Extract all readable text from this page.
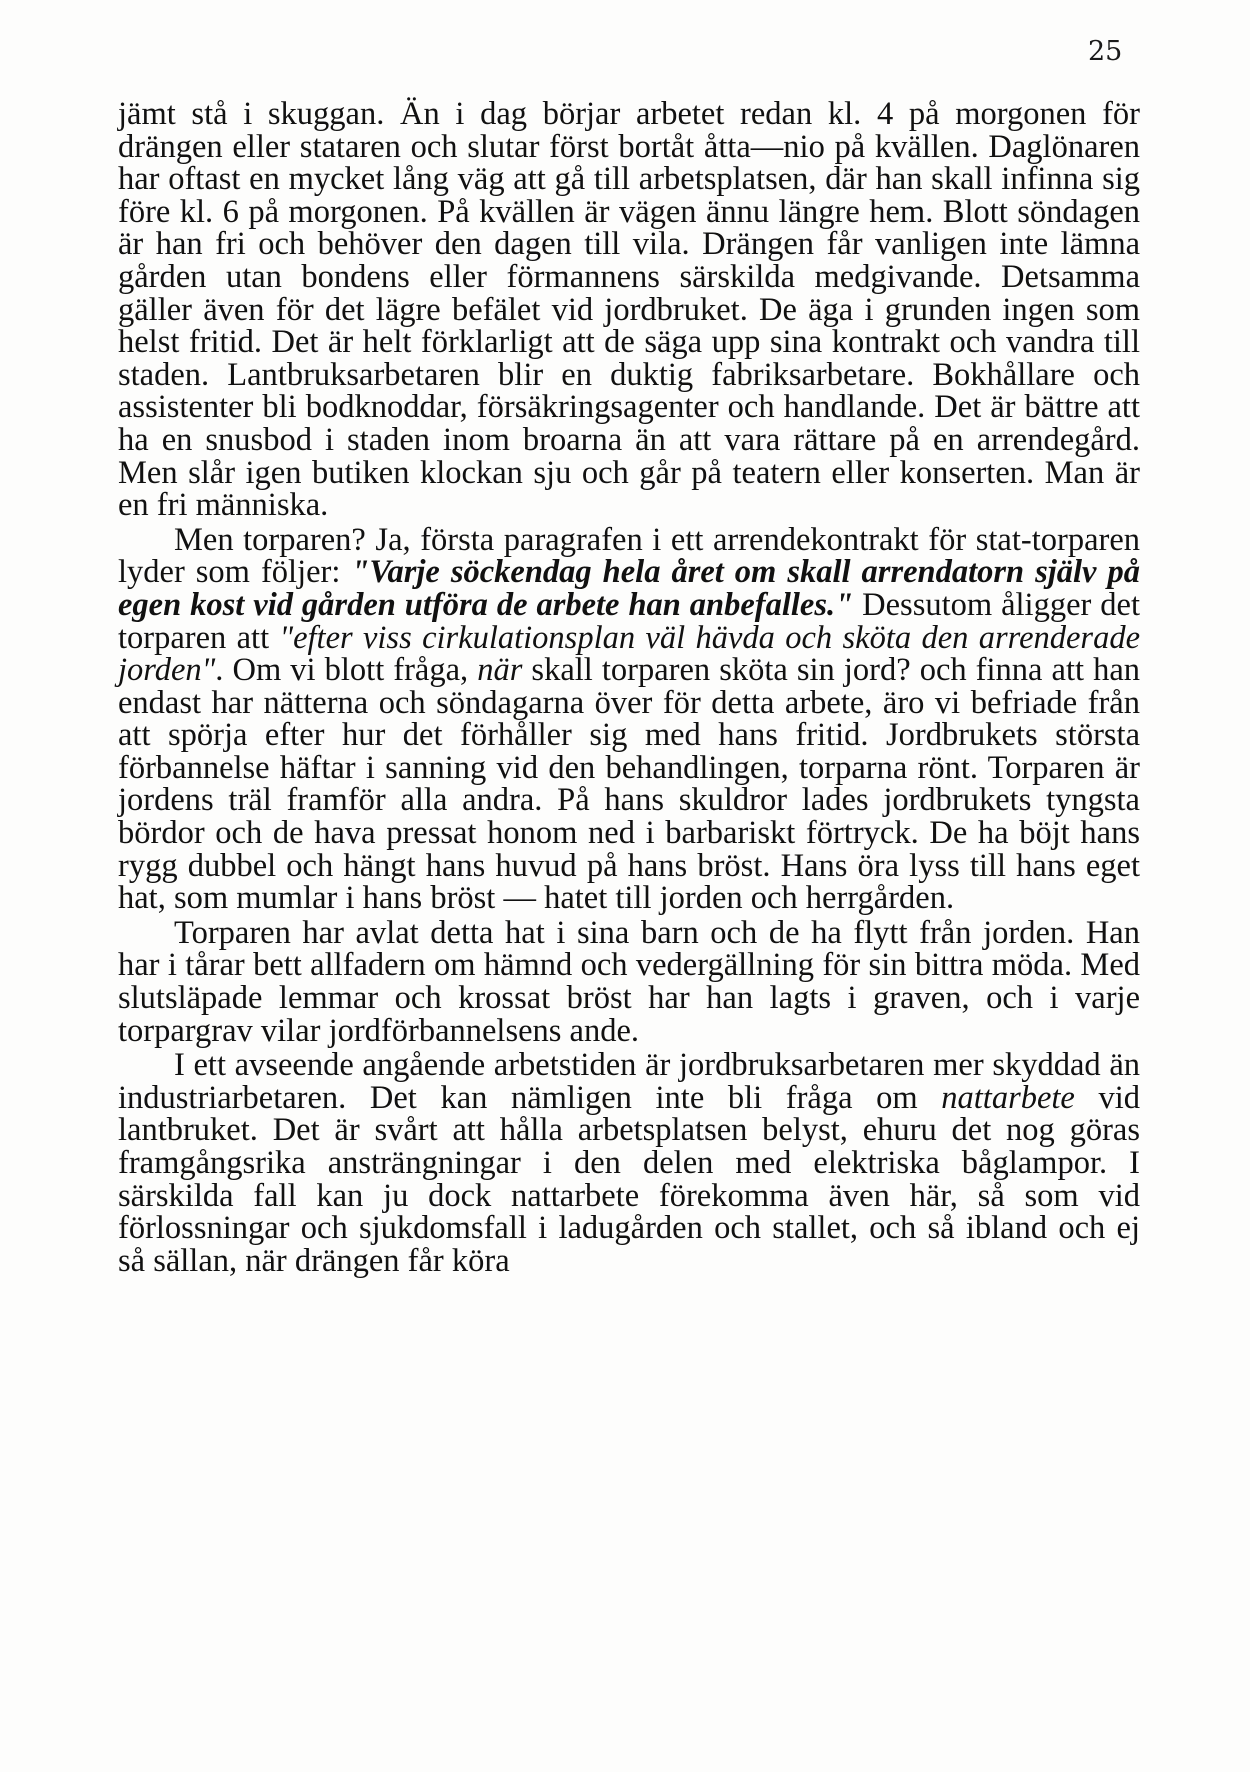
25

jämt stå i skuggan. Än i dag börjar arbetet redan kl. 4 på morgonen för drängen eller stataren och slutar först bortåt åtta—nio på kvällen. Daglönaren har oftast en mycket lång väg att gå till arbetsplatsen, där han skall infinna sig före kl. 6 på morgonen. På kvällen är vägen ännu längre hem. Blott söndagen är han fri och behöver den dagen till vila. Drängen får vanligen inte lämna gården utan bondens eller förmannens särskilda medgivande. Detsamma gäller även för det lägre befälet vid jordbruket. De äga i grunden ingen som helst fritid. Det är helt förklarligt att de säga upp sina kontrakt och vandra till staden. Lantbruksarbetaren blir en duktig fabriksarbetare. Bokhållare och assistenter bli bodknoddar, försäkringsagenter och handlande. Det är bättre att ha en snusbod i staden inom broarna än att vara rättare på en arrendegård. Men slår igen butiken klockan sju och går på teatern eller konserten. Man är en fri människa.

Men torparen? Ja, första paragrafen i ett arrendekontrakt för stat-torparen lyder som följer: "Varje söckendag hela året om skall arrendatorn själv på egen kost vid gården utföra de arbete han anbefalles." Dessutom åligger det torparen att "efter viss cirkulationsplan väl hävda och sköta den arrenderade jorden". Om vi blott fråga, när skall torparen sköta sin jord? och finna att han endast har nätterna och söndagarna över för detta arbete, äro vi befriade från att spörja efter hur det förhåller sig med hans fritid. Jordbrukets största förbannelse häftar i sanning vid den behandlingen, torparna rönt. Torparen är jordens träl framför alla andra. På hans skuldror lades jordbrukets tyngsta bördor och de hava pressat honom ned i barbariskt förtryck. De ha böjt hans rygg dubbel och hängt hans huvud på hans bröst. Hans öra lyss till hans eget hat, som mumlar i hans bröst — hatet till jorden och herrgården.

Torparen har avlat detta hat i sina barn och de ha flytt från jorden. Han har i tårar bett allfadern om hämnd och vedergällning för sin bittra möda. Med slutsläpade lemmar och krossat bröst har han lagts i graven, och i varje torpargrav vilar jordförbannelsens ande.

I ett avseende angående arbetstiden är jordbruksarbetaren mer skyddad än industriarbetaren. Det kan nämligen inte bli fråga om nattarbete vid lantbruket. Det är svårt att hålla arbetsplatsen belyst, ehuru det nog göras framgångsrika ansträngningar i den delen med elektriska båglampor. I särskilda fall kan ju dock nattarbete förekomma även här, så som vid förlossningar och sjukdomsfall i ladugården och stallet, och så ibland och ej så sällan, när drängen får köra
